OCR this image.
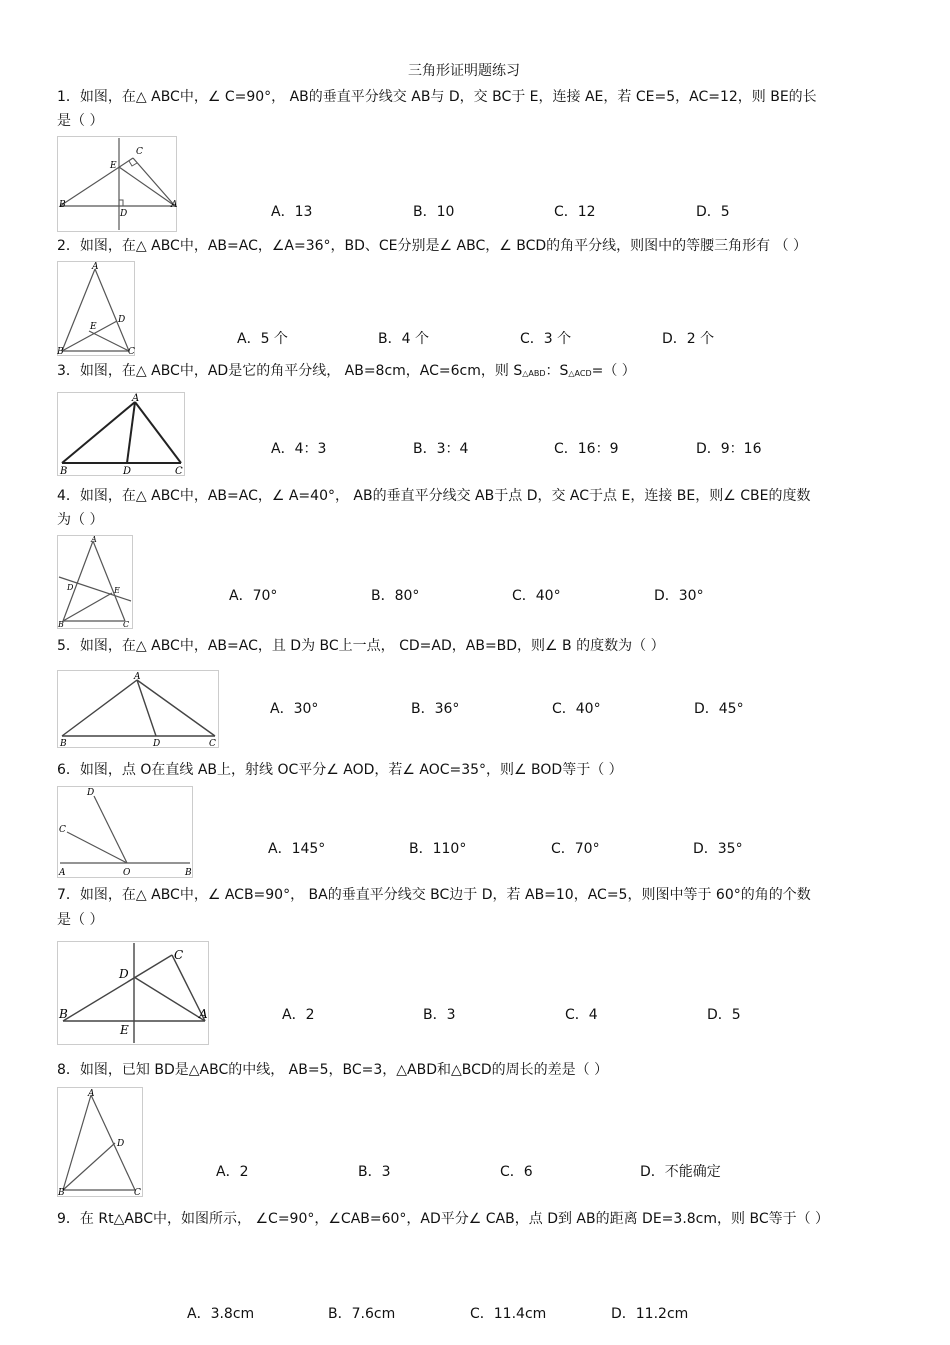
三角形证明题练习
1．如图，在△ ABC中，∠ C=90°， AB的垂直平分线交 AB与 D，交 BC于 E，连接 AE，若 CE=5，AC=12，则 BE的长
是（ ）
E
C
B
D
A	A．13	B．10	C．12	D．5
2．如图，在△ ABC中，AB=AC，∠A=36°，BD、CE分别是∠ ABC，∠ BCD的角平分线，则图中的等腰三角形有 （ ）
A
E
D
B	C
A．5 个	B．4 个	C．3 个	D．2 个
3．如图，在△ ABC中，AD是它的角平分线， AB=8cm，AC=6cm，则 S△ABD：S△ACD=（ ）
A
B	D	C
A．4：3	B．3：4	C．16：9	D．9：16
4．如图，在△ ABC中，AB=AC，∠ A=40°， AB的垂直平分线交 AB于点 D，交 AC于点 E，连接 BE，则∠ CBE的度数
为（ ）
A
D	E
B	C
A．70°	B．80°	C．40°	D．30°
5．如图，在△ ABC中，AB=AC，且 D为 BC上一点， CD=AD，AB=BD，则∠ B 的度数为（ ）
A
B	D	C
A．30°	B．36°	C．40°	D．45°
6．如图，点 O在直线 AB上，射线 OC平分∠ AOD，若∠ AOC=35°，则∠ BOD等于（ ）
D
C
A	O	B
A．145°	B．110°	C．70°	D．35°
7．如图，在△ ABC中，∠ ACB=90°， BA的垂直平分线交 BC边于 D，若 AB=10，AC=5，则图中等于 60°的角的个数
是（ ）
C
D
B
E
A	A．2	B．3	C．4	D．5
8．如图，已知 BD是△ABC的中线， AB=5，BC=3，△ABD和△BCD的周长的差是（ ）
A
D
B	C
A．2	B．3	C．6	D．不能确定
9．在 Rt△ABC中，如图所示， ∠C=90°，∠CAB=60°，AD平分∠ CAB，点 D到 AB的距离 DE=3.8cm，则 BC等于（ ）
A．3.8cm	B．7.6cm	C．11.4cm	D．11.2cm
